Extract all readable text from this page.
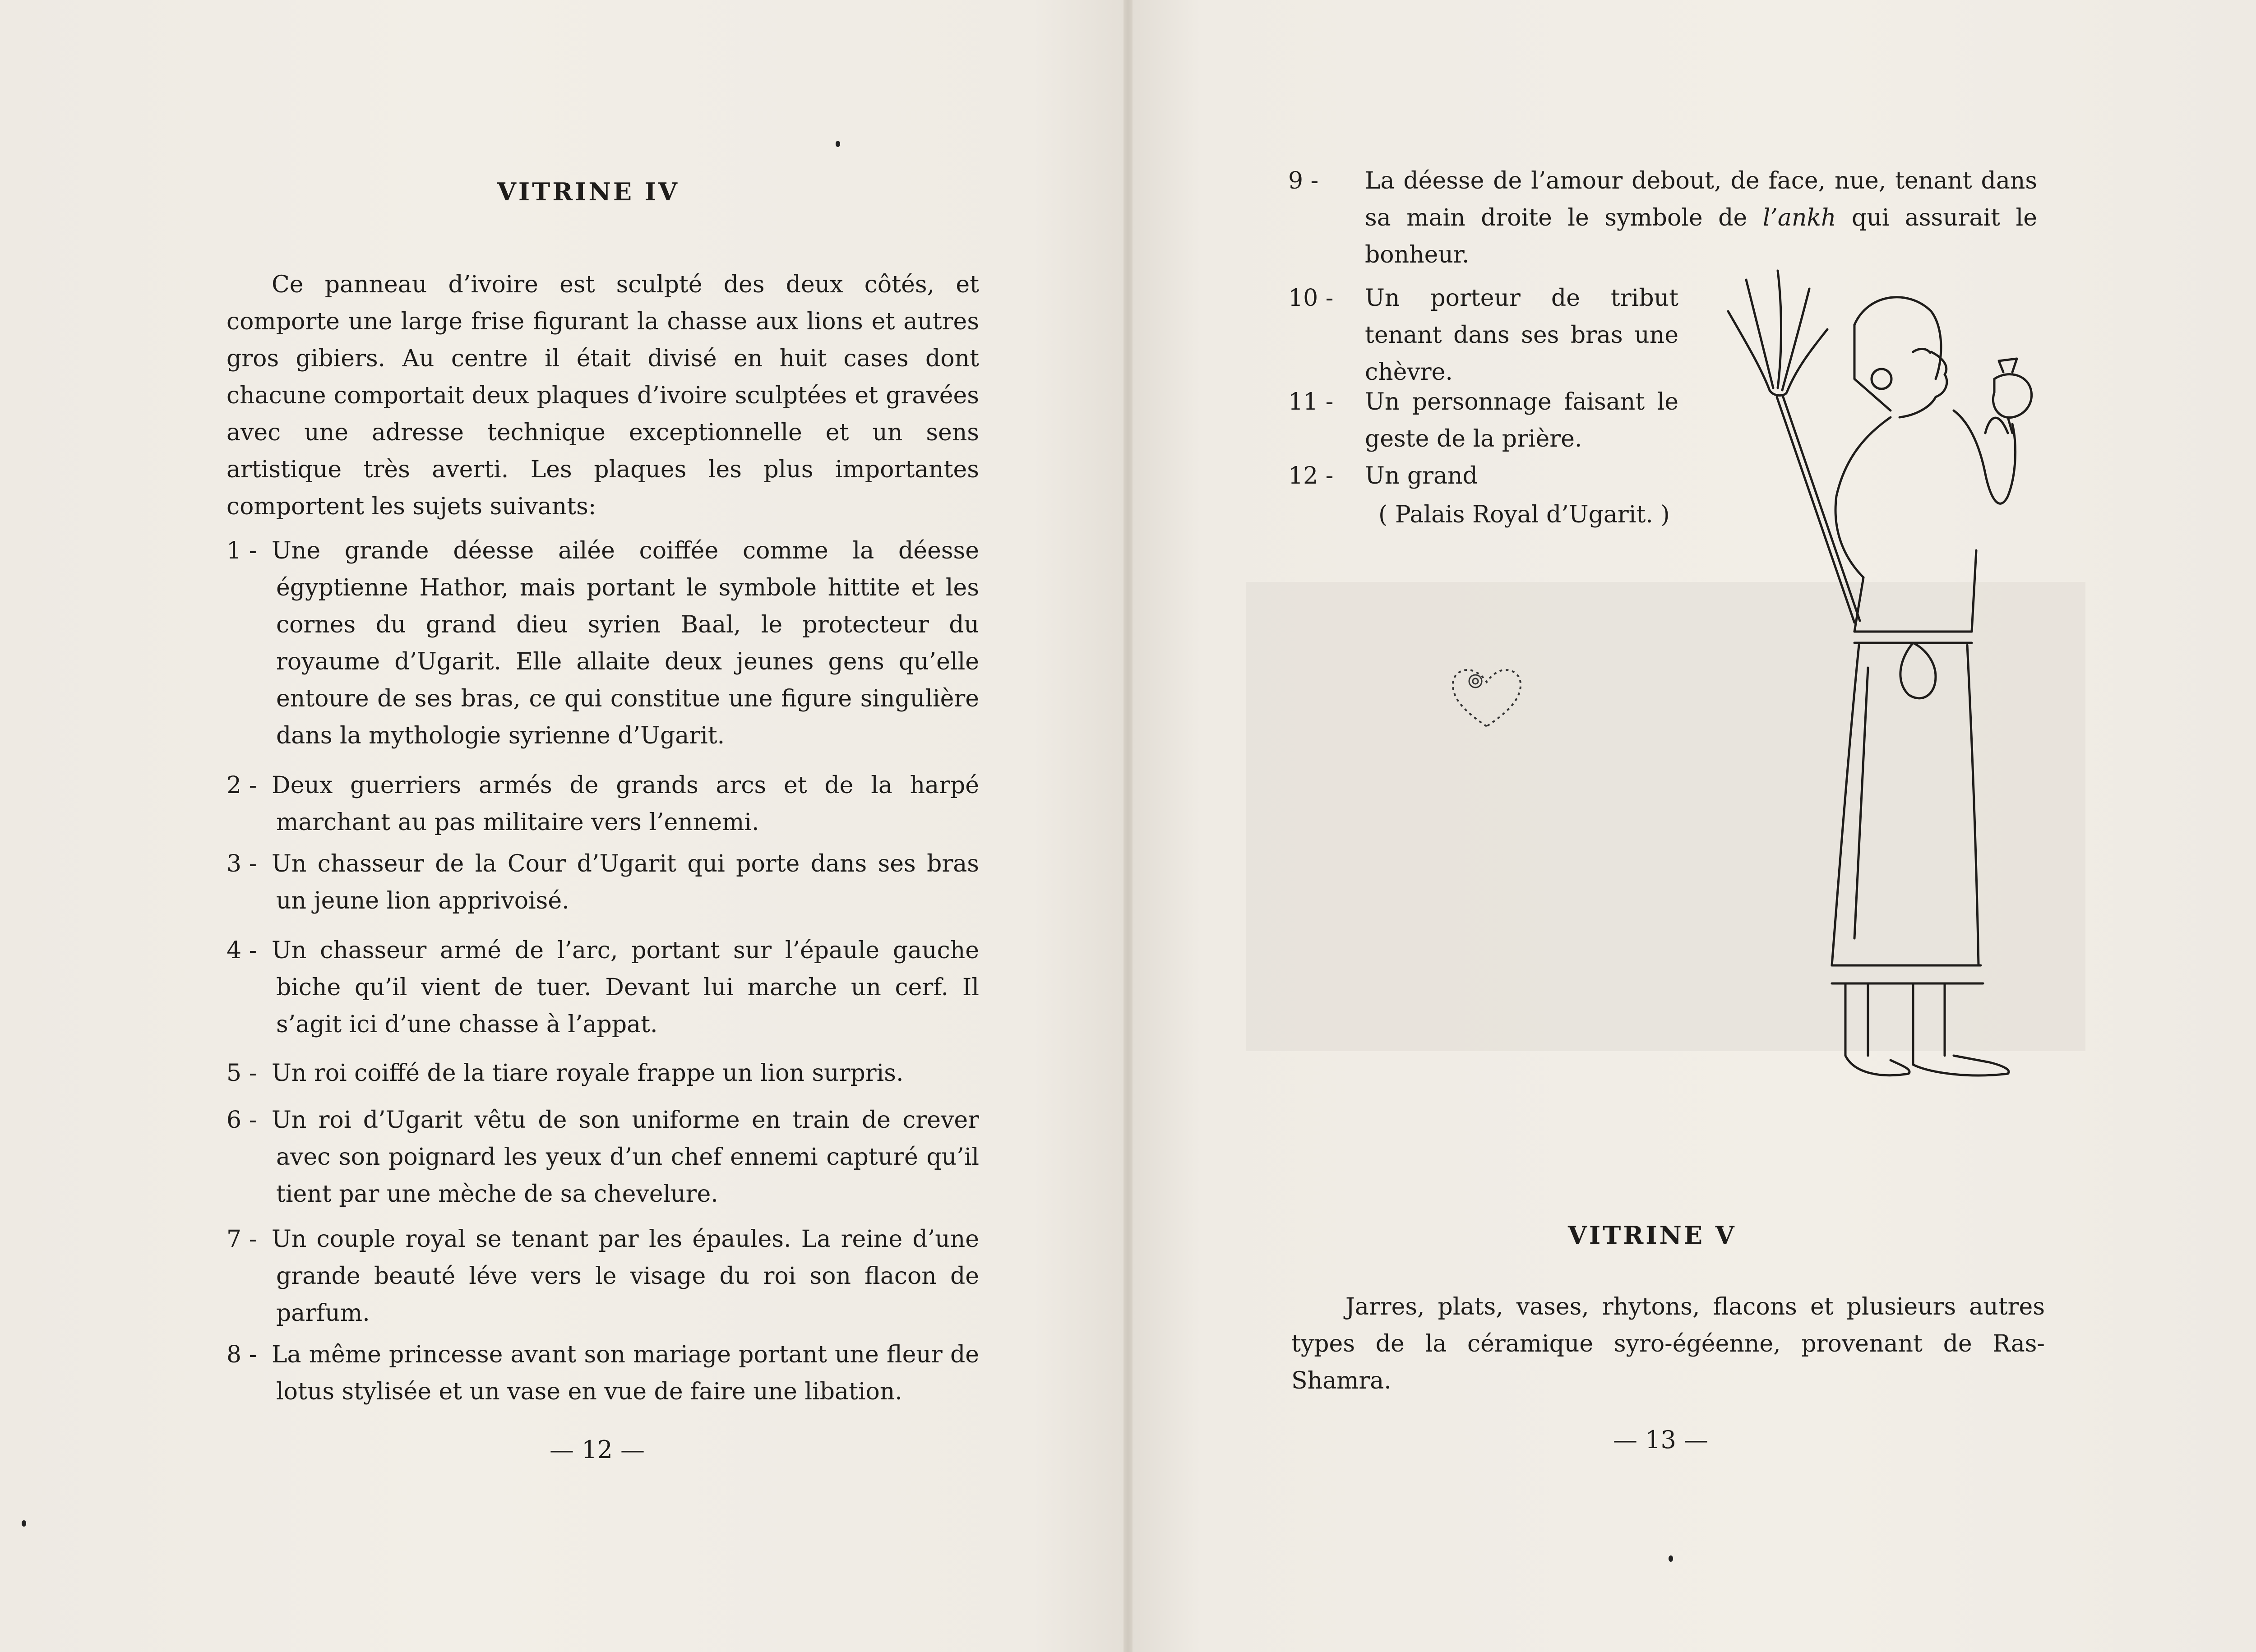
VITRINE IV
Ce panneau d’ivoire est sculpté des deux côtés, et comporte une large frise figurant la chasse aux lions et autres gros gibiers. Au centre il était divisé en huit cases dont chacune comportait deux plaques d’ivoire sculptées et gravées avec une adresse technique exceptionnelle et un sens artistique très averti. Les plaques les plus importantes comportent les sujets suivants:
1 - Une grande déesse ailée coiffée comme la déesse égyptienne Hathor, mais portant le symbole hittite et les cornes du grand dieu syrien Baal, le protecteur du royaume d’Ugarit. Elle allaite deux jeunes gens qu’elle entoure de ses bras, ce qui constitue une figure singulière dans la mythologie syrienne d’Ugarit.
2 - Deux guerriers armés de grands arcs et de la harpé marchant au pas militaire vers l’ennemi.
3 - Un chasseur de la Cour d’Ugarit qui porte dans ses bras un jeune lion apprivoisé.
4 - Un chasseur armé de l’arc, portant sur l’épaule gauche biche qu’il vient de tuer. Devant lui marche un cerf. Il s’agit ici d’une chasse à l’appat.
5 - Un roi coiffé de la tiare royale frappe un lion surpris.
6 - Un roi d’Ugarit vêtu de son uniforme en train de crever avec son poignard les yeux d’un chef ennemi capturé qu’il tient par une mèche de sa chevelure.
7 - Un couple royal se tenant par les épaules. La reine d’une grande beauté léve vers le visage du roi son flacon de parfum.
8 - La même princesse avant son mariage portant une fleur de lotus stylisée et un vase en vue de faire une libation.
— 12 —
9 - La déesse de l’amour debout, de face, nue, tenant dans sa main droite le symbole de l’ankh qui assurait le bonheur.
10 - Un porteur de tribut tenant dans ses bras une chèvre.
11 - Un personnage faisant le geste de la prière.
12 - Un grand
( Palais Royal d’Ugarit. )
VITRINE V
Jarres, plats, vases, rhytons, flacons et plusieurs autres types de la céramique syro-égéenne, provenant de Ras-Shamra.
— 13 —
